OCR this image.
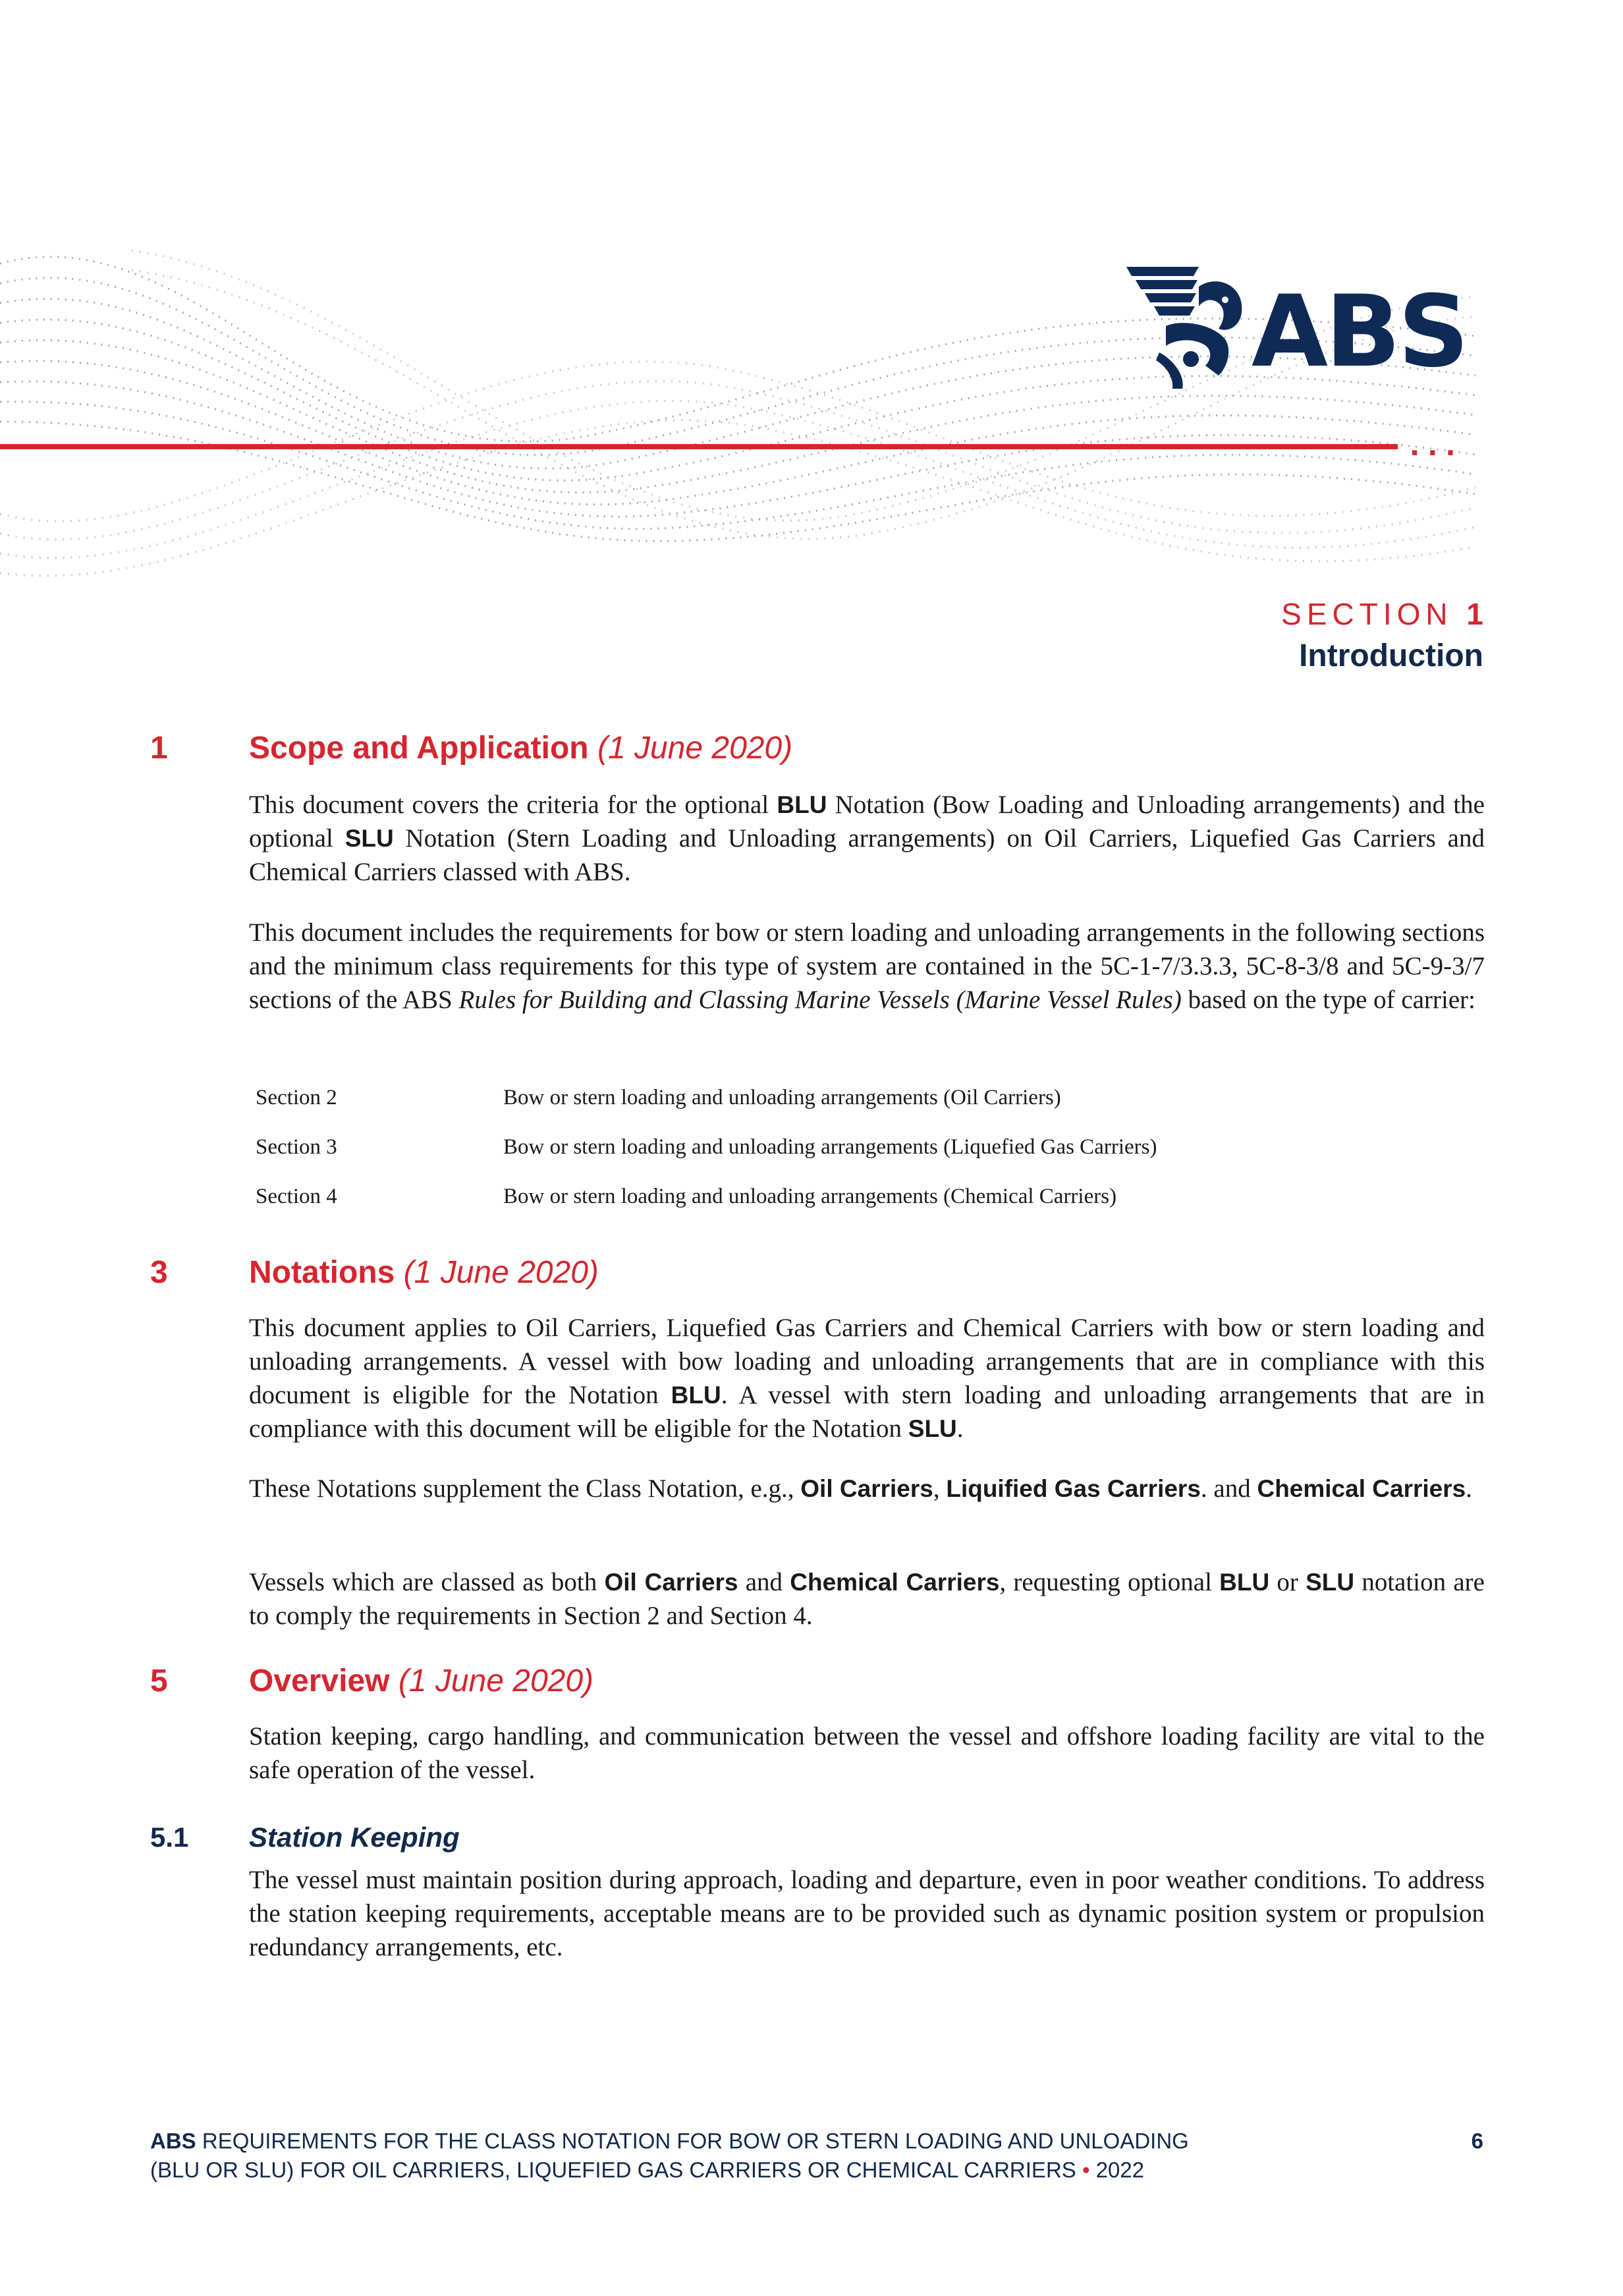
...
ABS
SECTION 1
Introduction
1	Scope and Application (1 June 2020)

This document covers the criteria for the optional BLU Notation (Bow Loading and Unloading arrangements) and the optional SLU Notation (Stern Loading and Unloading arrangements) on Oil Carriers, Liquefied Gas Carriers and Chemical Carriers classed with ABS.

This document includes the requirements for bow or stern loading and unloading arrangements in the following sections and the minimum class requirements for this type of system are contained in the 5C-1-7/3.3.3, 5C-8-3/8 and 5C-9-3/7 sections of the ABS Rules for Building and Classing Marine Vessels (Marine Vessel Rules) based on the type of carrier:

Section 2	Bow or stern loading and unloading arrangements (Oil Carriers)
Section 3	Bow or stern loading and unloading arrangements (Liquefied Gas Carriers)
Section 4	Bow or stern loading and unloading arrangements (Chemical Carriers)
3	Notations (1 June 2020)

This document applies to Oil Carriers, Liquefied Gas Carriers and Chemical Carriers with bow or stern loading and unloading arrangements. A vessel with bow loading and unloading arrangements that are in compliance with this document is eligible for the Notation BLU. A vessel with stern loading and unloading arrangements that are in compliance with this document will be eligible for the Notation SLU.

These Notations supplement the Class Notation, e.g., Oil Carriers, Liquified Gas Carriers. and Chemical Carriers.

Vessels which are classed as both Oil Carriers and Chemical Carriers, requesting optional BLU or SLU notation are to comply the requirements in Section 2 and Section 4.

5	Overview (1 June 2020)

Station keeping, cargo handling, and communication between the vessel and offshore loading facility are vital to the safe operation of the vessel.

5.1 Station Keeping

The vessel must maintain position during approach, loading and departure, even in poor weather conditions. To address the station keeping requirements, acceptable means are to be provided such as dynamic position system or propulsion redundancy arrangements, etc.

ABS REQUIREMENTS FOR THE CLASS NOTATION FOR BOW OR STERN LOADING AND UNLOADING
(BLU OR SLU) FOR OIL CARRIERS, LIQUEFIED GAS CARRIERS OR CHEMICAL CARRIERS • 2022
6
